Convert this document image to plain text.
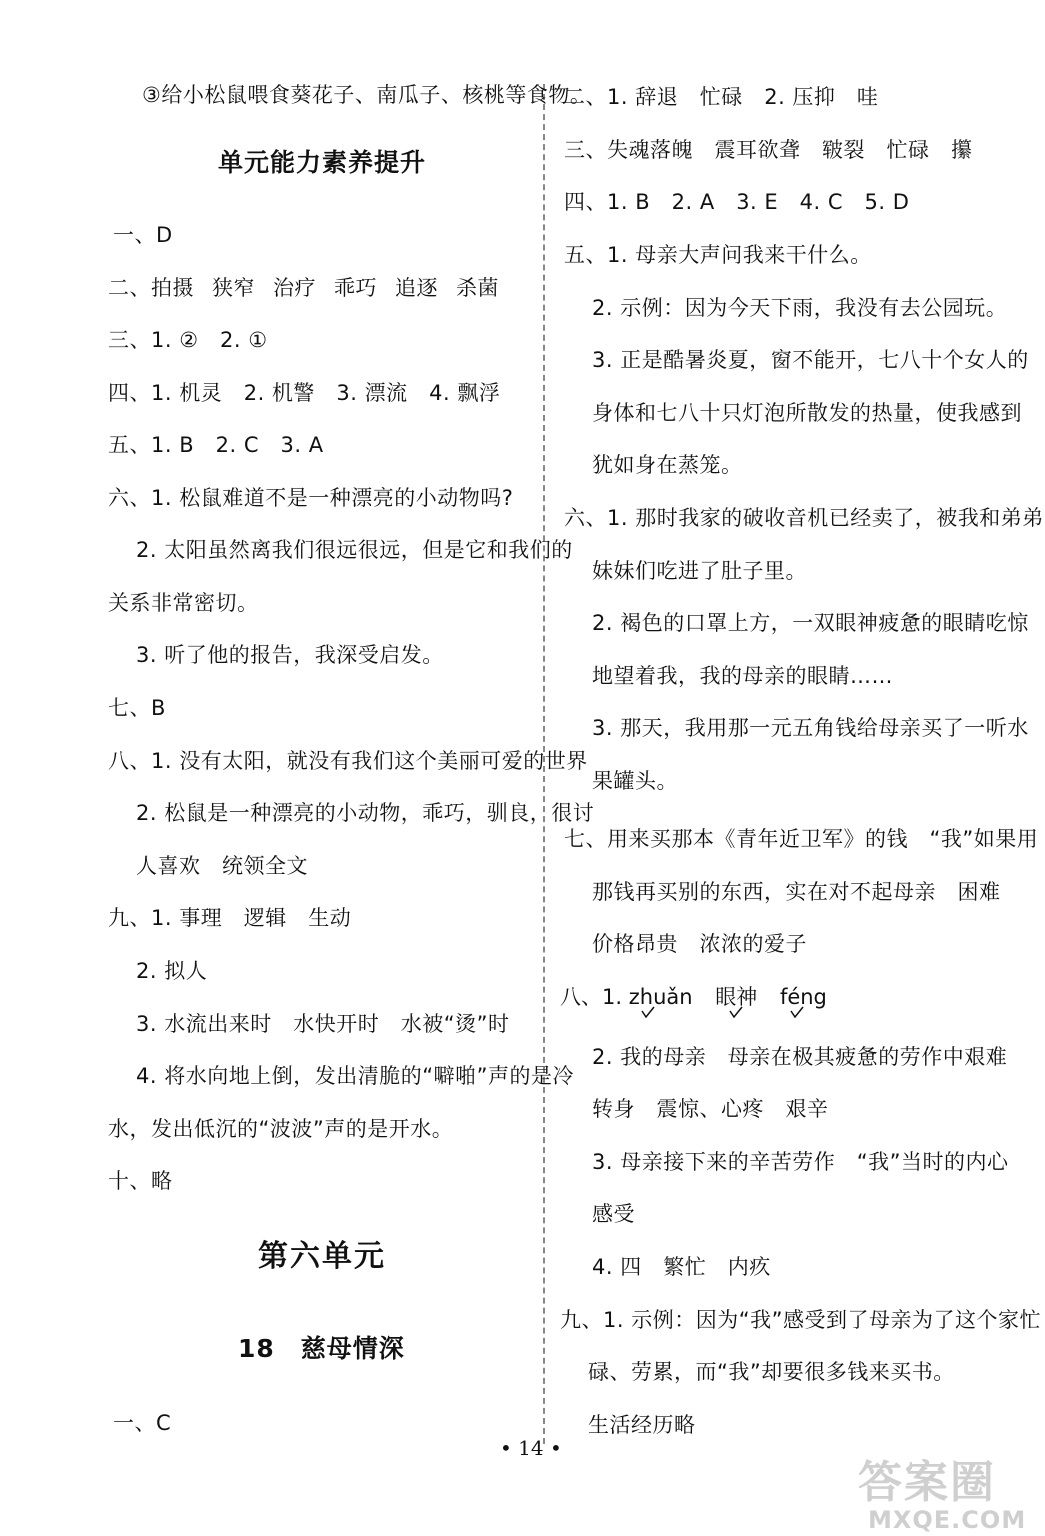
③给小松鼠喂食葵花子、南瓜子、核桃等食物。
单元能力素养提升
一、D
二、拍摄 狭窄 治疗 乖巧 追逐 杀菌
三、1. ②　2. ①
四、1. 机灵　2. 机警　3. 漂流　4. 飘浮
五、1. B　2. C　3. A
六、1. 松鼠难道不是一种漂亮的小动物吗?
2. 太阳虽然离我们很远很远，但是它和我们的
关系非常密切。
3. 听了他的报告，我深受启发。
七、B
八、1. 没有太阳，就没有我们这个美丽可爱的世界
2. 松鼠是一种漂亮的小动物，乖巧，驯良，很讨
人喜欢　统领全文
九、1. 事理　逻辑　生动
2. 拟人
3. 水流出来时　水快开时　水被“烫”时
4. 将水向地上倒，发出清脆的“噼啪”声的是冷
水，发出低沉的“波波”声的是开水。
十、略
第六单元
18　慈母情深
一、C
二、1. 辞退　忙碌　2. 压抑　哇
三、失魂落魄　震耳欲聋　皲裂　忙碌　攥
四、1. B　2. A　3. E　4. C　5. D
五、1. 母亲大声问我来干什么。
2. 示例：因为今天下雨，我没有去公园玩。
3. 正是酷暑炎夏，窗不能开，七八十个女人的
身体和七八十只灯泡所散发的热量，使我感到
犹如身在蒸笼。
六、1. 那时我家的破收音机已经卖了，被我和弟弟
妹妹们吃进了肚子里。
2. 褐色的口罩上方，一双眼神疲惫的眼睛吃惊
地望着我，我的母亲的眼睛……
3. 那天，我用那一元五角钱给母亲买了一听水
果罐头。
七、用来买那本《青年近卫军》的钱　“我”如果用
那钱再买别的东西，实在对不起母亲　困难
价格昂贵　浓浓的爱子
八、1. zhuǎn 眼神 féng
2. 我的母亲　母亲在极其疲惫的劳作中艰难
转身　震惊、心疼　艰辛
3. 母亲接下来的辛苦劳作　“我”当时的内心
感受
4. 四　繁忙　内疚
九、1. 示例：因为“我”感受到了母亲为了这个家忙
碌、劳累，而“我”却要很多钱来买书。
生活经历略
• 14 •
答案圈
MXQE.COM
